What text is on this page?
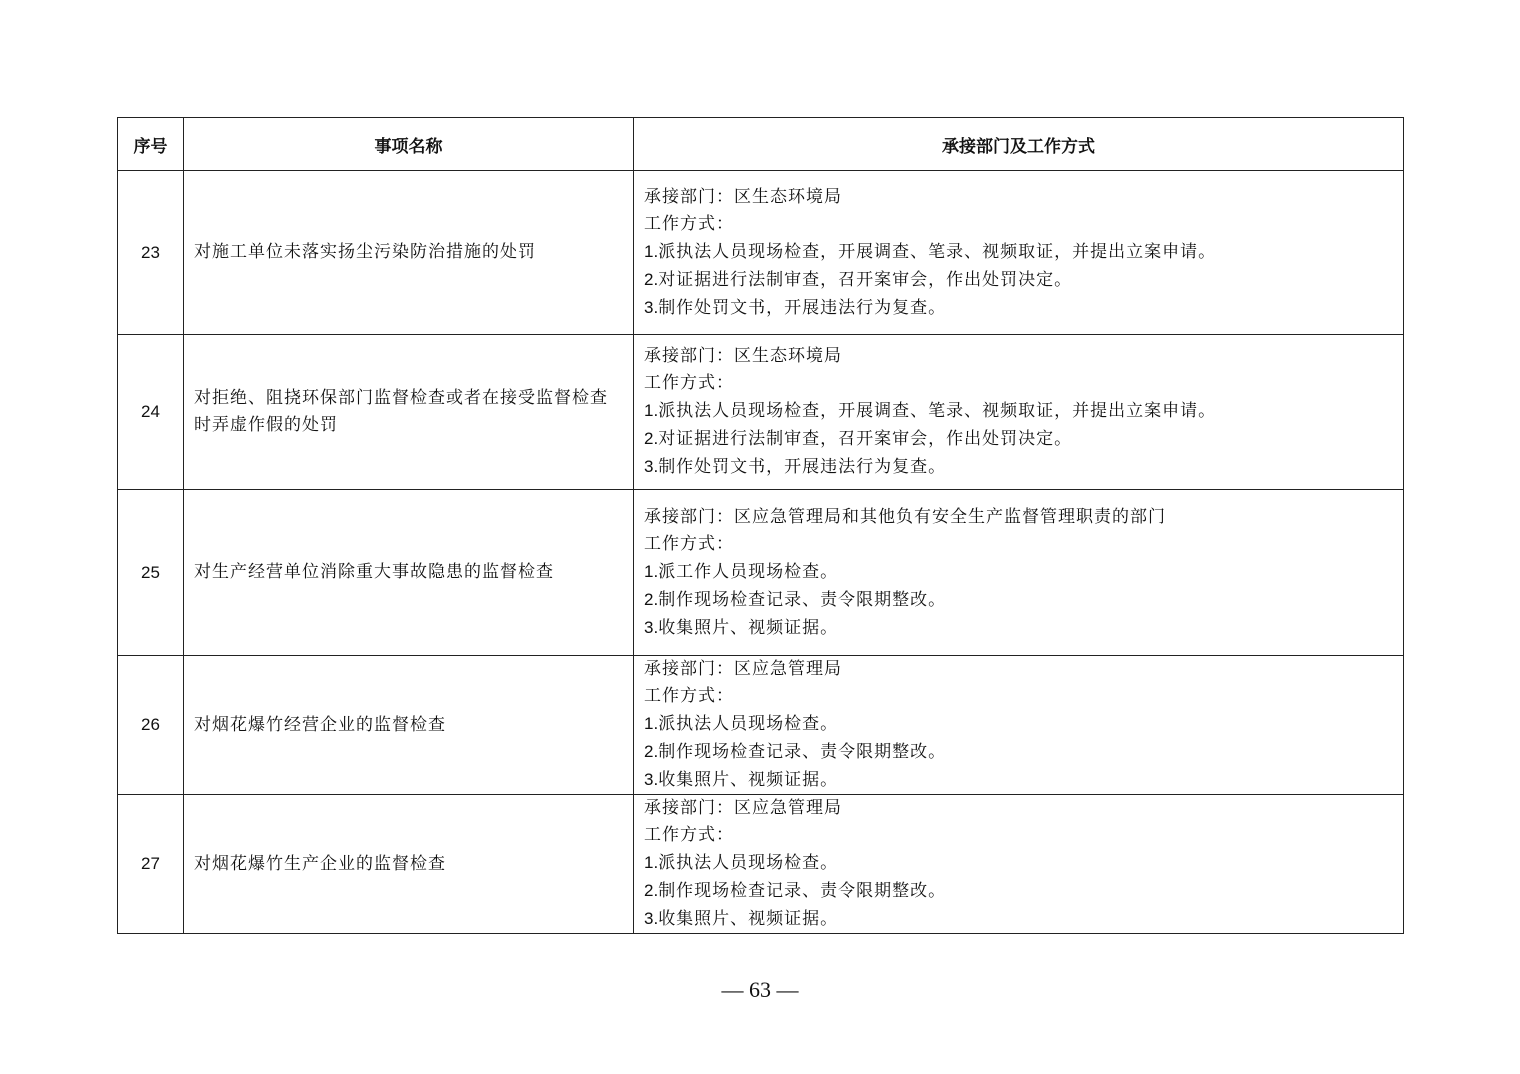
序号	事项名称	承接部门及工作方式
23	对施工单位未落实扬尘污染防治措施的处罚	承接部门：区生态环境局
工作方式：
1.派执法人员现场检查，开展调查、笔录、视频取证，并提出立案申请。
2.对证据进行法制审查，召开案审会，作出处罚决定。
3.制作处罚文书，开展违法行为复查。

24	对拒绝、阻挠环保部门监督检查或者在接受监督检查时弄虚作假的处罚	承接部门：区生态环境局
工作方式：
1.派执法人员现场检查，开展调查、笔录、视频取证，并提出立案申请。
2.对证据进行法制审查，召开案审会，作出处罚决定。
3.制作处罚文书，开展违法行为复查。

25	对生产经营单位消除重大事故隐患的监督检查	承接部门：区应急管理局和其他负有安全生产监督管理职责的部门
工作方式：
1.派工作人员现场检查。
2.制作现场检查记录、责令限期整改。
3.收集照片、视频证据。

26	对烟花爆竹经营企业的监督检查	承接部门：区应急管理局
工作方式：
1.派执法人员现场检查。
2.制作现场检查记录、责令限期整改。
3.收集照片、视频证据。

27	对烟花爆竹生产企业的监督检查	承接部门：区应急管理局
工作方式：
1.派执法人员现场检查。
2.制作现场检查记录、责令限期整改。
3.收集照片、视频证据。
— 63 —
